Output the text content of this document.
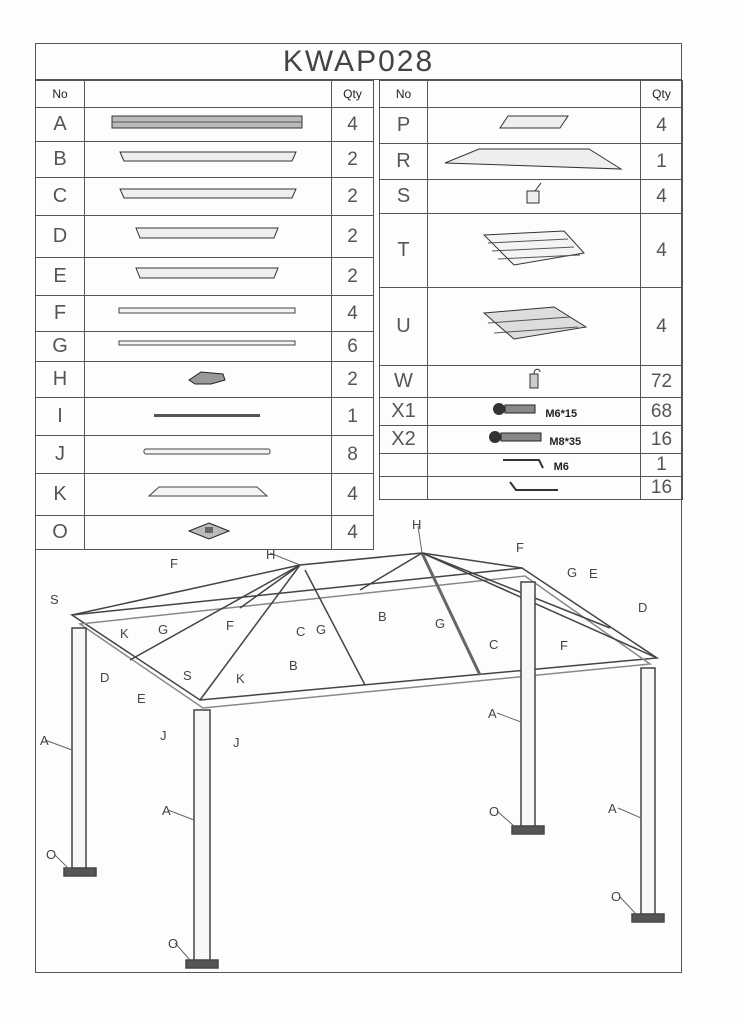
KWAP028
No		Qty
A		4
B		2
C		2
D		2
E		2
F		4
G		6
H		2
I		1
J		8
K		4
O		4
No		Qty
P		4
R		1
S		4
T		4
U		4
W		72
X1	M6*15	68
X2	M8*35	16
	M6	1
		16
F
H
H
F
S
K G	F	C G
B	G
G E
D
C	F
D
E
S	K
B
J	J
A
A
A
O
O	A
O
O
